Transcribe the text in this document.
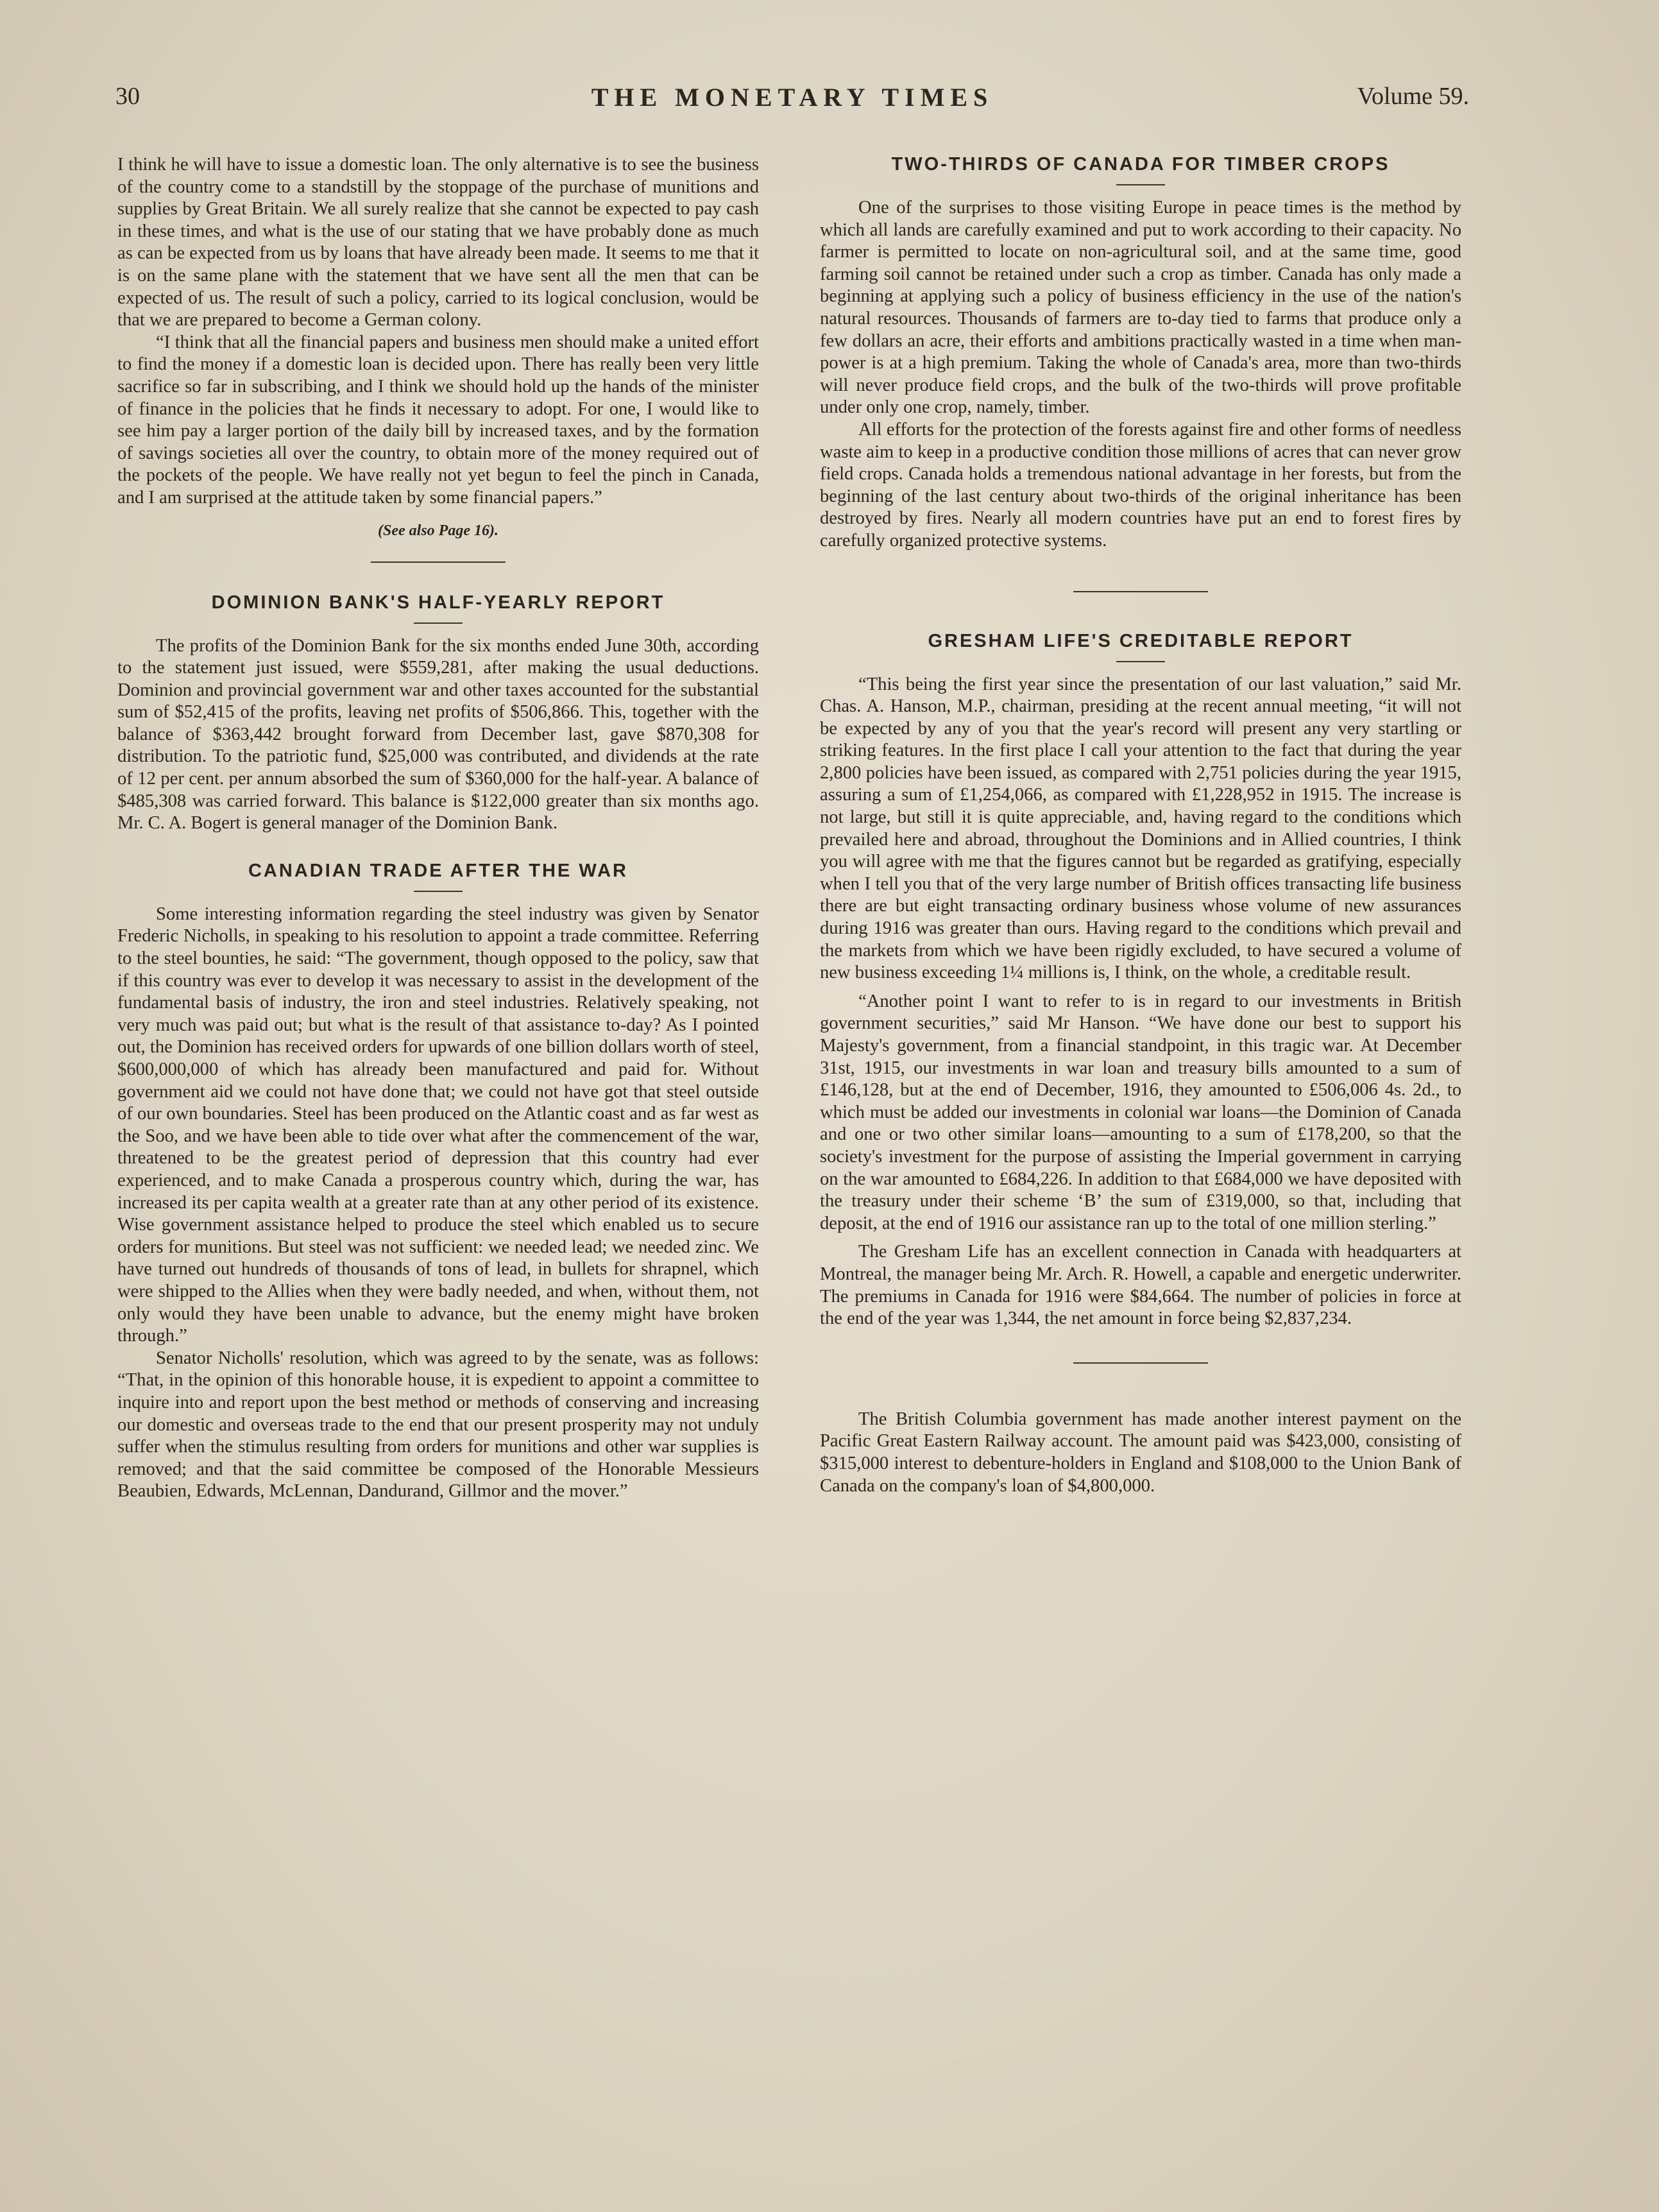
30	THE MONETARY TIMES	Volume 59.

I think he will have to issue a domestic loan. The only alternative is to see the business of the country come to a standstill by the stoppage of the purchase of munitions and supplies by Great Britain. We all surely realize that she cannot be expected to pay cash in these times, and what is the use of our stating that we have probably done as much as can be expected from us by loans that have already been made. It seems to me that it is on the same plane with the statement that we have sent all the men that can be expected of us. The result of such a policy, carried to its logical conclusion, would be that we are prepared to become a German colony.

“I think that all the financial papers and business men should make a united effort to find the money if a domestic loan is decided upon. There has really been very little sacrifice so far in subscribing, and I think we should hold up the hands of the minister of finance in the policies that he finds it necessary to adopt. For one, I would like to see him pay a larger portion of the daily bill by increased taxes, and by the formation of savings societies all over the country, to obtain more of the money required out of the pockets of the people. We have really not yet begun to feel the pinch in Canada, and I am surprised at the attitude taken by some financial papers.”

(See also Page 16).

DOMINION BANK'S HALF-YEARLY REPORT

The profits of the Dominion Bank for the six months ended June 30th, according to the statement just issued, were $559,281, after making the usual deductions. Dominion and provincial government war and other taxes accounted for the substantial sum of $52,415 of the profits, leaving net profits of $506,866. This, together with the balance of $363,442 brought forward from December last, gave $870,308 for distribution. To the patriotic fund, $25,000 was contributed, and dividends at the rate of 12 per cent. per annum absorbed the sum of $360,000 for the half-year. A balance of $485,308 was carried forward. This balance is $122,000 greater than six months ago. Mr. C. A. Bogert is general manager of the Dominion Bank.

CANADIAN TRADE AFTER THE WAR

Some interesting information regarding the steel industry was given by Senator Frederic Nicholls, in speaking to his resolution to appoint a trade committee. Referring to the steel bounties, he said: “The government, though opposed to the policy, saw that if this country was ever to develop it was necessary to assist in the development of the fundamental basis of industry, the iron and steel industries. Relatively speaking, not very much was paid out; but what is the result of that assistance to-day? As I pointed out, the Dominion has received orders for upwards of one billion dollars worth of steel, $600,000,000 of which has already been manufactured and paid for. Without government aid we could not have done that; we could not have got that steel outside of our own boundaries. Steel has been produced on the Atlantic coast and as far west as the Soo, and we have been able to tide over what after the commencement of the war, threatened to be the greatest period of depression that this country had ever experienced, and to make Canada a prosperous country which, during the war, has increased its per capita wealth at a greater rate than at any other period of its existence. Wise government assistance helped to produce the steel which enabled us to secure orders for munitions. But steel was not sufficient: we needed lead; we needed zinc. We have turned out hundreds of thousands of tons of lead, in bullets for shrapnel, which were shipped to the Allies when they were badly needed, and when, without them, not only would they have been unable to advance, but the enemy might have broken through.”

Senator Nicholls' resolution, which was agreed to by the senate, was as follows: “That, in the opinion of this honorable house, it is expedient to appoint a committee to inquire into and report upon the best method or methods of conserving and increasing our domestic and overseas trade to the end that our present prosperity may not unduly suffer when the stimulus resulting from orders for munitions and other war supplies is removed; and that the said committee be composed of the Honorable Messieurs Beaubien, Edwards, McLennan, Dandurand, Gillmor and the mover.”

TWO-THIRDS OF CANADA FOR TIMBER CROPS

One of the surprises to those visiting Europe in peace times is the method by which all lands are carefully examined and put to work according to their capacity. No farmer is permitted to locate on non-agricultural soil, and at the same time, good farming soil cannot be retained under such a crop as timber. Canada has only made a beginning at applying such a policy of business efficiency in the use of the nation's natural resources. Thousands of farmers are to-day tied to farms that produce only a few dollars an acre, their efforts and ambitions practically wasted in a time when man-power is at a high premium. Taking the whole of Canada's area, more than two-thirds will never produce field crops, and the bulk of the two-thirds will prove profitable under only one crop, namely, timber.

All efforts for the protection of the forests against fire and other forms of needless waste aim to keep in a productive condition those millions of acres that can never grow field crops. Canada holds a tremendous national advantage in her forests, but from the beginning of the last century about two-thirds of the original inheritance has been destroyed by fires. Nearly all modern countries have put an end to forest fires by carefully organized protective systems.

GRESHAM LIFE'S CREDITABLE REPORT

“This being the first year since the presentation of our last valuation,” said Mr. Chas. A. Hanson, M.P., chairman, presiding at the recent annual meeting, “it will not be expected by any of you that the year's record will present any very startling or striking features. In the first place I call your attention to the fact that during the year 2,800 policies have been issued, as compared with 2,751 policies during the year 1915, assuring a sum of £1,254,066, as compared with £1,228,952 in 1915. The increase is not large, but still it is quite appreciable, and, having regard to the conditions which prevailed here and abroad, throughout the Dominions and in Allied countries, I think you will agree with me that the figures cannot but be regarded as gratifying, especially when I tell you that of the very large number of British offices transacting life business there are but eight transacting ordinary business whose volume of new assurances during 1916 was greater than ours. Having regard to the conditions which prevail and the markets from which we have been rigidly excluded, to have secured a volume of new business exceeding 1¼ millions is, I think, on the whole, a creditable result.

“Another point I want to refer to is in regard to our investments in British government securities,” said Mr Hanson. “We have done our best to support his Majesty's government, from a financial standpoint, in this tragic war. At December 31st, 1915, our investments in war loan and treasury bills amounted to a sum of £146,128, but at the end of December, 1916, they amounted to £506,006 4s. 2d., to which must be added our investments in colonial war loans—the Dominion of Canada and one or two other similar loans—amounting to a sum of £178,200, so that the society's investment for the purpose of assisting the Imperial government in carrying on the war amounted to £684,226. In addition to that £684,000 we have deposited with the treasury under their scheme ‘B’ the sum of £319,000, so that, including that deposit, at the end of 1916 our assistance ran up to the total of one million sterling.”

The Gresham Life has an excellent connection in Canada with headquarters at Montreal, the manager being Mr. Arch. R. Howell, a capable and energetic underwriter. The premiums in Canada for 1916 were $84,664. The number of policies in force at the end of the year was 1,344, the net amount in force being $2,837,234.

The British Columbia government has made another interest payment on the Pacific Great Eastern Railway account. The amount paid was $423,000, consisting of $315,000 interest to debenture-holders in England and $108,000 to the Union Bank of Canada on the company's loan of $4,800,000.
